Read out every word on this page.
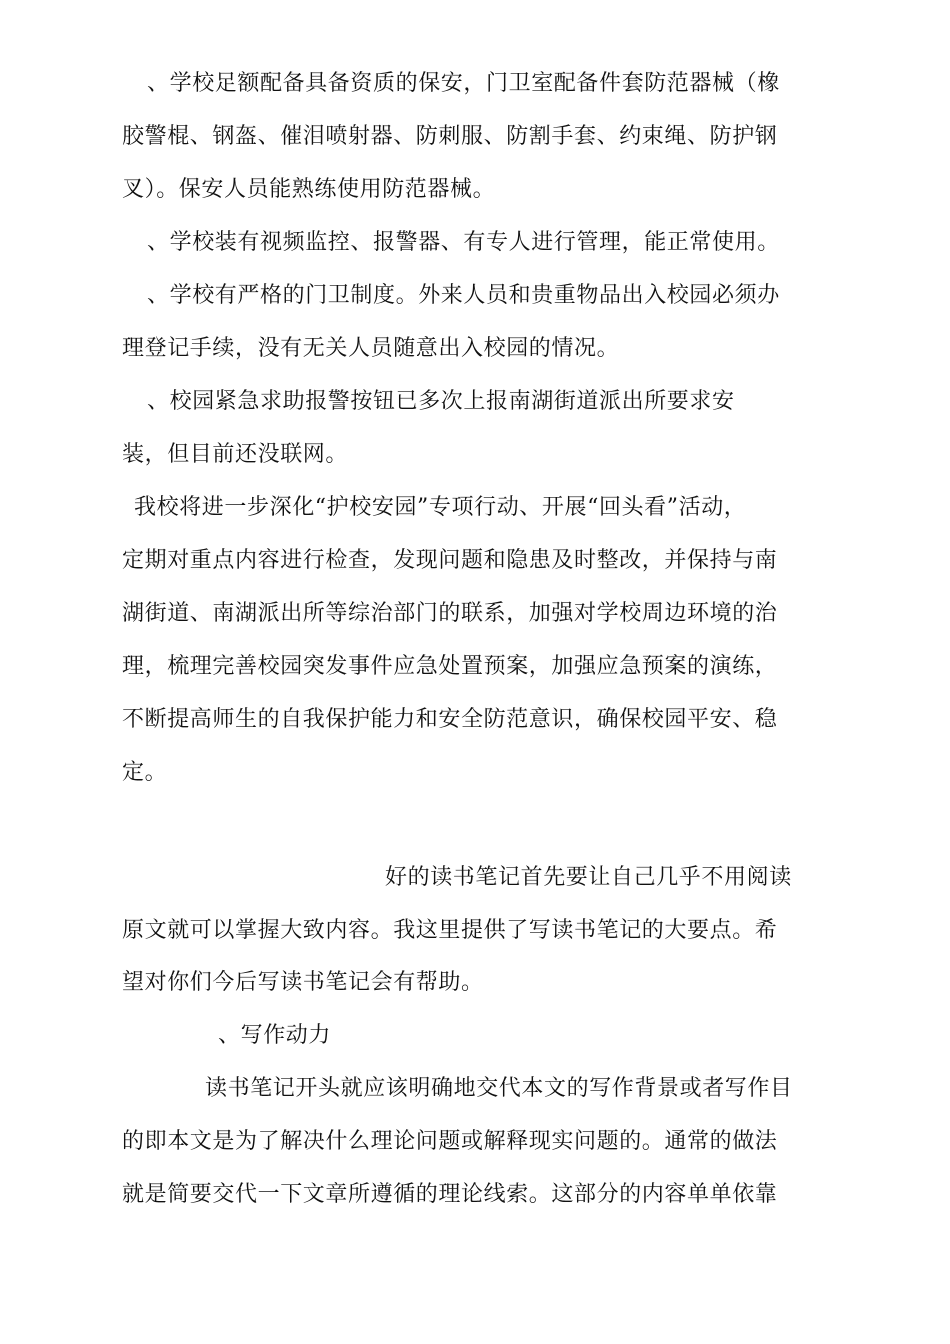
、学校足额配备具备资质的保安，门卫室配备件套防范器械（橡
胶警棍、钢盔、催泪喷射器、防刺服、防割手套、约束绳、防护钢
叉）。保安人员能熟练使用防范器械。
、学校装有视频监控、报警器、有专人进行管理，能正常使用。
、学校有严格的门卫制度。外来人员和贵重物品出入校园必须办
理登记手续，没有无关人员随意出入校园的情况。
、校园紧急求助报警按钮已多次上报南湖街道派出所要求安
装，但目前还没联网。
我校将进一步深化“护校安园”专项行动、开展“回头看”活动，
定期对重点内容进行检查，发现问题和隐患及时整改，并保持与南
湖街道、南湖派出所等综治部门的联系，加强对学校周边环境的治
理，梳理完善校园突发事件应急处置预案，加强应急预案的演练，
不断提高师生的自我保护能力和安全防范意识，确保校园平安、稳
定。
好的读书笔记首先要让自己几乎不用阅读
原文就可以掌握大致内容。我这里提供了写读书笔记的大要点。希
望对你们今后写读书笔记会有帮助。
、写作动力
读书笔记开头就应该明确地交代本文的写作背景或者写作目
的即本文是为了解决什么理论问题或解释现实问题的。通常的做法
就是简要交代一下文章所遵循的理论线索。这部分的内容单单依靠
